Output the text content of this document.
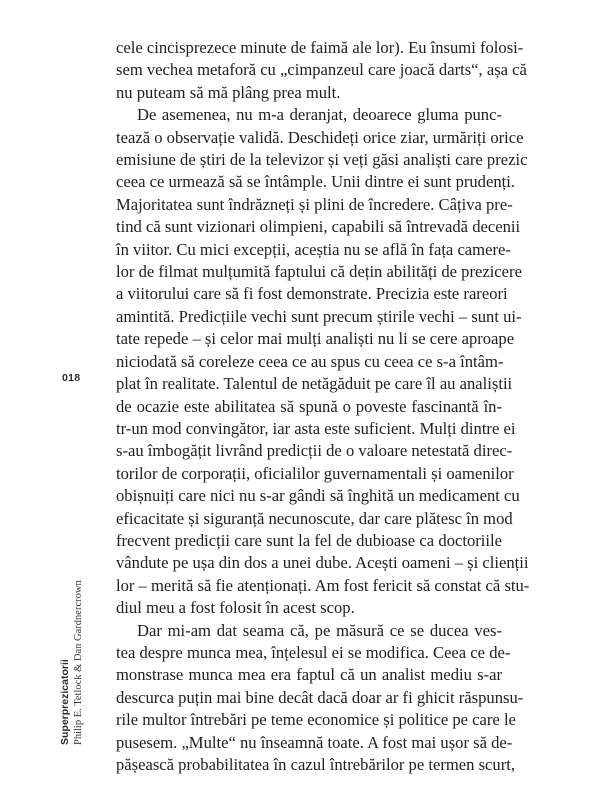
cele cincisprezece minute de faimă ale lor). Eu însumi folosi-
sem vechea metaforă cu „cimpanzeul care joacă darts“, așa că
nu puteam să mă plâng prea mult.
De asemenea, nu m-a deranjat, deoarece gluma punc-
tează o observație validă. Deschideți orice ziar, urmăriți orice
emisiune de știri de la televizor și veți găsi analiști care prezic
ceea ce urmează să se întâmple. Unii dintre ei sunt prudenți.
Majoritatea sunt îndrăzneți și plini de încredere. Câțiva pre-
tind că sunt vizionari olimpieni, capabili să întrevadă decenii
în viitor. Cu mici excepții, aceștia nu se află în fața camere-
lor de filmat mulțumită faptului că dețin abilități de prezicere
a viitorului care să fi fost demonstrate. Precizia este rareori
amintită. Predicțiile vechi sunt precum știrile vechi – sunt ui-
tate repede – și celor mai mulți analiști nu li se cere aproape
niciodată să coreleze ceea ce au spus cu ceea ce s-a întâm-
plat în realitate. Talentul de netăgăduit pe care îl au analiștii
de ocazie este abilitatea să spună o poveste fascinantă în-
tr-un mod convingător, iar asta este suficient. Mulți dintre ei
s-au îmbogățit livrând predicții de o valoare netestată direc-
torilor de corporații, oficialilor guvernamentali și oamenilor
obișnuiți care nici nu s-ar gândi să înghită un medicament cu
eficacitate și siguranță necunoscute, dar care plătesc în mod
frecvent predicții care sunt la fel de dubioase ca doctoriile
vândute pe ușa din dos a unei dube. Acești oameni – și clienții
lor – merită să fie atenționați. Am fost fericit să constat că stu-
diul meu a fost folosit în acest scop.
Dar mi-am dat seama că, pe măsură ce se ducea ves-
tea despre munca mea, înțelesul ei se modifica. Ceea ce de-
monstrase munca mea era faptul că un analist mediu s-ar
descurca puțin mai bine decât dacă doar ar fi ghicit răspunsu-
rile multor întrebări pe teme economice și politice pe care le
pusesem. „Multe“ nu înseamnă toate. A fost mai ușor să de-
pășească probabilitatea în cazul întrebărilor pe termen scurt,
018
Superprezicatorii Philip E. Tetlock & Dan Gardnercrown
